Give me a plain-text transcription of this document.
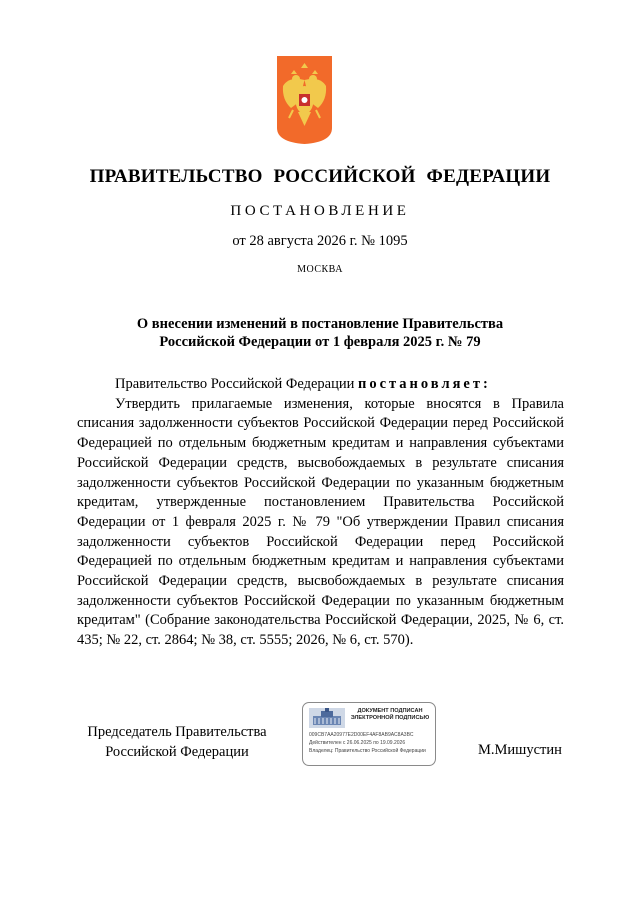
ПРАВИТЕЛЬСТВО РОССИЙСКОЙ ФЕДЕРАЦИИ
ПОСТАНОВЛЕНИЕ
от 28 августа 2026 г. № 1095
МОСКВА
О внесении изменений в постановление Правительства
Российской Федерации от 1 февраля 2025 г. № 79

Правительство Российской Федерации постановляет:

Утвердить прилагаемые изменения, которые вносятся в Правила списания задолженности субъектов Российской Федерации перед Российской Федерацией по отдельным бюджетным кредитам и направления субъектами Российской Федерации средств, высвобождаемых в результате списания задолженности субъектов Российской Федерации по указанным бюджетным кредитам, утвержденные постановлением Правительства Российской Федерации от 1 февраля 2025 г. № 79 "Об утверждении Правил списания задолженности субъектов Российской Федерации перед Российской Федерацией по отдельным бюджетным кредитам и направления субъектами Российской Федерации средств, высвобождаемых в результате списания задолженности субъектов Российской Федерации по указанным бюджетным кредитам" (Собрание законодательства Российской Федерации, 2025, № 6, ст. 435; № 22, ст. 2864; № 38, ст. 5555; 2026, № 6, ст. 570).

Председатель Правительства
Российской Федерации
ДОКУМЕНТ ПОДПИСАН
ЭЛЕКТРОННОЙ ПОДПИСЬЮ
009CB7AA20977E2D00EF4AF8AB9AC8A3BC
Действителен с 26.06.2025 по 19.09.2026
Владелец: Правительство Российской Федерации	М.Мишустин
